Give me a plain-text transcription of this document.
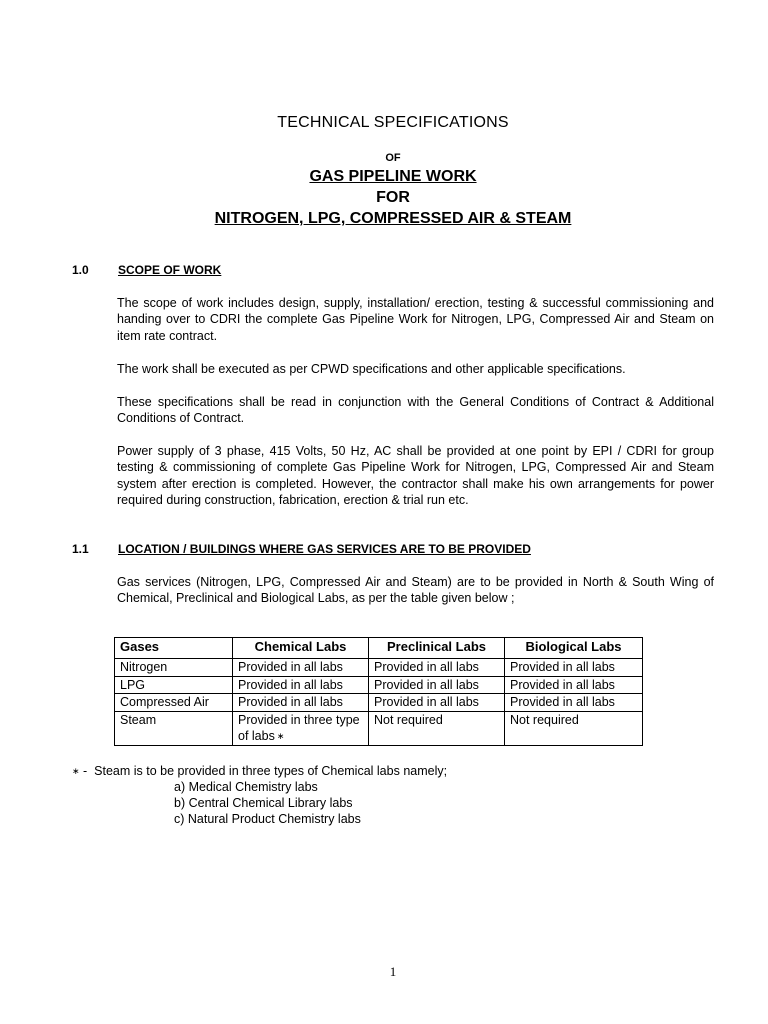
TECHNICAL SPECIFICATIONS
OF
GAS PIPELINE WORK
FOR
NITROGEN, LPG, COMPRESSED AIR & STEAM
1.0 SCOPE OF WORK
The scope of work includes design, supply, installation/ erection, testing & successful commissioning and handing over to CDRI the complete Gas Pipeline Work for Nitrogen, LPG, Compressed Air and Steam on item rate contract.
The work shall be executed as per CPWD specifications and other applicable specifications.
These specifications shall be read in conjunction with the General Conditions of Contract & Additional Conditions of Contract.
Power supply of 3 phase, 415 Volts, 50 Hz, AC shall be provided at one point by EPI / CDRI for group testing & commissioning of complete Gas Pipeline Work for Nitrogen, LPG, Compressed Air and Steam system after erection is completed. However, the contractor shall make his own arrangements for power required during construction, fabrication, erection & trial run etc.
1.1 LOCATION / BUILDINGS WHERE GAS SERVICES ARE TO BE PROVIDED
Gas services (Nitrogen, LPG, Compressed Air and Steam) are to be provided in North & South Wing of Chemical, Preclinical and Biological Labs, as per the table given below ;
Gases	Chemical Labs	Preclinical Labs	Biological Labs
Nitrogen	Provided in all labs	Provided in all labs	Provided in all labs
LPG	Provided in all labs	Provided in all labs	Provided in all labs
Compressed Air	Provided in all labs	Provided in all labs	Provided in all labs
Steam	Provided in three type of labs ∗	Not required	Not required
∗ -  Steam is to be provided in three types of Chemical labs namely;
a) Medical Chemistry labs
b) Central Chemical Library labs
c) Natural Product Chemistry labs
1
